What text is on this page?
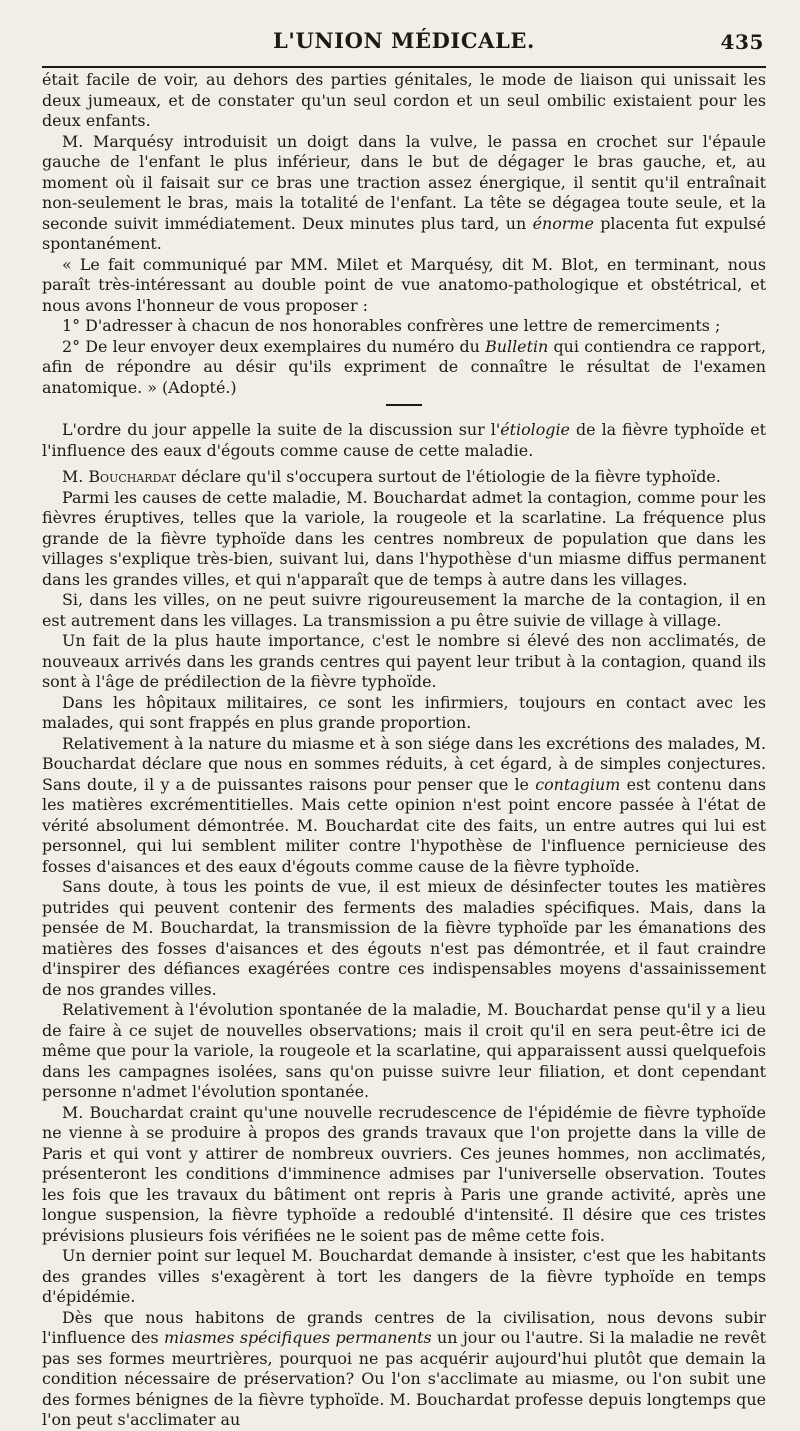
L'UNION MÉDICALE.	435

était facile de voir, au dehors des parties génitales, le mode de liaison qui unissait les deux jumeaux, et de constater qu'un seul cordon et un seul ombilic existaient pour les deux enfants.

M. Marquésy introduisit un doigt dans la vulve, le passa en crochet sur l'épaule gauche de l'enfant le plus inférieur, dans le but de dégager le bras gauche, et, au moment où il faisait sur ce bras une traction assez énergique, il sentit qu'il entraînait non-seulement le bras, mais la totalité de l'enfant. La tête se dégagea toute seule, et la seconde suivit immédiatement. Deux minutes plus tard, un énorme placenta fut expulsé spontanément.

« Le fait communiqué par MM. Milet et Marquésy, dit M. Blot, en terminant, nous paraît très-intéressant au double point de vue anatomo-pathologique et obstétrical, et nous avons l'honneur de vous proposer :

1° D'adresser à chacun de nos honorables confrères une lettre de remerciments ;

2° De leur envoyer deux exemplaires du numéro du Bulletin qui contiendra ce rapport, afin de répondre au désir qu'ils expriment de connaître le résultat de l'examen anatomique. » (Adopté.)

L'ordre du jour appelle la suite de la discussion sur l'étiologie de la fièvre typhoïde et l'influence des eaux d'égouts comme cause de cette maladie.

M. Bouchardat déclare qu'il s'occupera surtout de l'étiologie de la fièvre typhoïde.

Parmi les causes de cette maladie, M. Bouchardat admet la contagion, comme pour les fièvres éruptives, telles que la variole, la rougeole et la scarlatine. La fréquence plus grande de la fièvre typhoïde dans les centres nombreux de population que dans les villages s'explique très-bien, suivant lui, dans l'hypothèse d'un miasme diffus permanent dans les grandes villes, et qui n'apparaît que de temps à autre dans les villages.

Si, dans les villes, on ne peut suivre rigoureusement la marche de la contagion, il en est autrement dans les villages. La transmission a pu être suivie de village à village.

Un fait de la plus haute importance, c'est le nombre si élevé des non acclimatés, de nouveaux arrivés dans les grands centres qui payent leur tribut à la contagion, quand ils sont à l'âge de prédilection de la fièvre typhoïde.

Dans les hôpitaux militaires, ce sont les infirmiers, toujours en contact avec les malades, qui sont frappés en plus grande proportion.

Relativement à la nature du miasme et à son siége dans les excrétions des malades, M. Bouchardat déclare que nous en sommes réduits, à cet égard, à de simples conjectures. Sans doute, il y a de puissantes raisons pour penser que le contagium est contenu dans les matières excrémentitielles. Mais cette opinion n'est point encore passée à l'état de vérité absolument démontrée. M. Bouchardat cite des faits, un entre autres qui lui est personnel, qui lui semblent militer contre l'hypothèse de l'influence pernicieuse des fosses d'aisances et des eaux d'égouts comme cause de la fièvre typhoïde.

Sans doute, à tous les points de vue, il est mieux de désinfecter toutes les matières putrides qui peuvent contenir des ferments des maladies spécifiques. Mais, dans la pensée de M. Bouchardat, la transmission de la fièvre typhoïde par les émanations des matières des fosses d'aisances et des égouts n'est pas démontrée, et il faut craindre d'inspirer des défiances exagérées contre ces indispensables moyens d'assainissement de nos grandes villes.

Relativement à l'évolution spontanée de la maladie, M. Bouchardat pense qu'il y a lieu de faire à ce sujet de nouvelles observations; mais il croit qu'il en sera peut-être ici de même que pour la variole, la rougeole et la scarlatine, qui apparaissent aussi quelquefois dans les campagnes isolées, sans qu'on puisse suivre leur filiation, et dont cependant personne n'admet l'évolution spontanée.

M. Bouchardat craint qu'une nouvelle recrudescence de l'épidémie de fièvre typhoïde ne vienne à se produire à propos des grands travaux que l'on projette dans la ville de Paris et qui vont y attirer de nombreux ouvriers. Ces jeunes hommes, non acclimatés, présenteront les conditions d'imminence admises par l'universelle observation. Toutes les fois que les travaux du bâtiment ont repris à Paris une grande activité, après une longue suspension, la fièvre typhoïde a redoublé d'intensité. Il désire que ces tristes prévisions plusieurs fois vérifiées ne le soient pas de même cette fois.

Un dernier point sur lequel M. Bouchardat demande à insister, c'est que les habitants des grandes villes s'exagèrent à tort les dangers de la fièvre typhoïde en temps d'épidémie.

Dès que nous habitons de grands centres de la civilisation, nous devons subir l'influence des miasmes spécifiques permanents un jour ou l'autre. Si la maladie ne revêt pas ses formes meurtrières, pourquoi ne pas acquérir aujourd'hui plutôt que demain la condition nécessaire de préservation? Ou l'on s'acclimate au miasme, ou l'on subit une des formes bénignes de la fièvre typhoïde. M. Bouchardat professe depuis longtemps que l'on peut s'acclimater au
